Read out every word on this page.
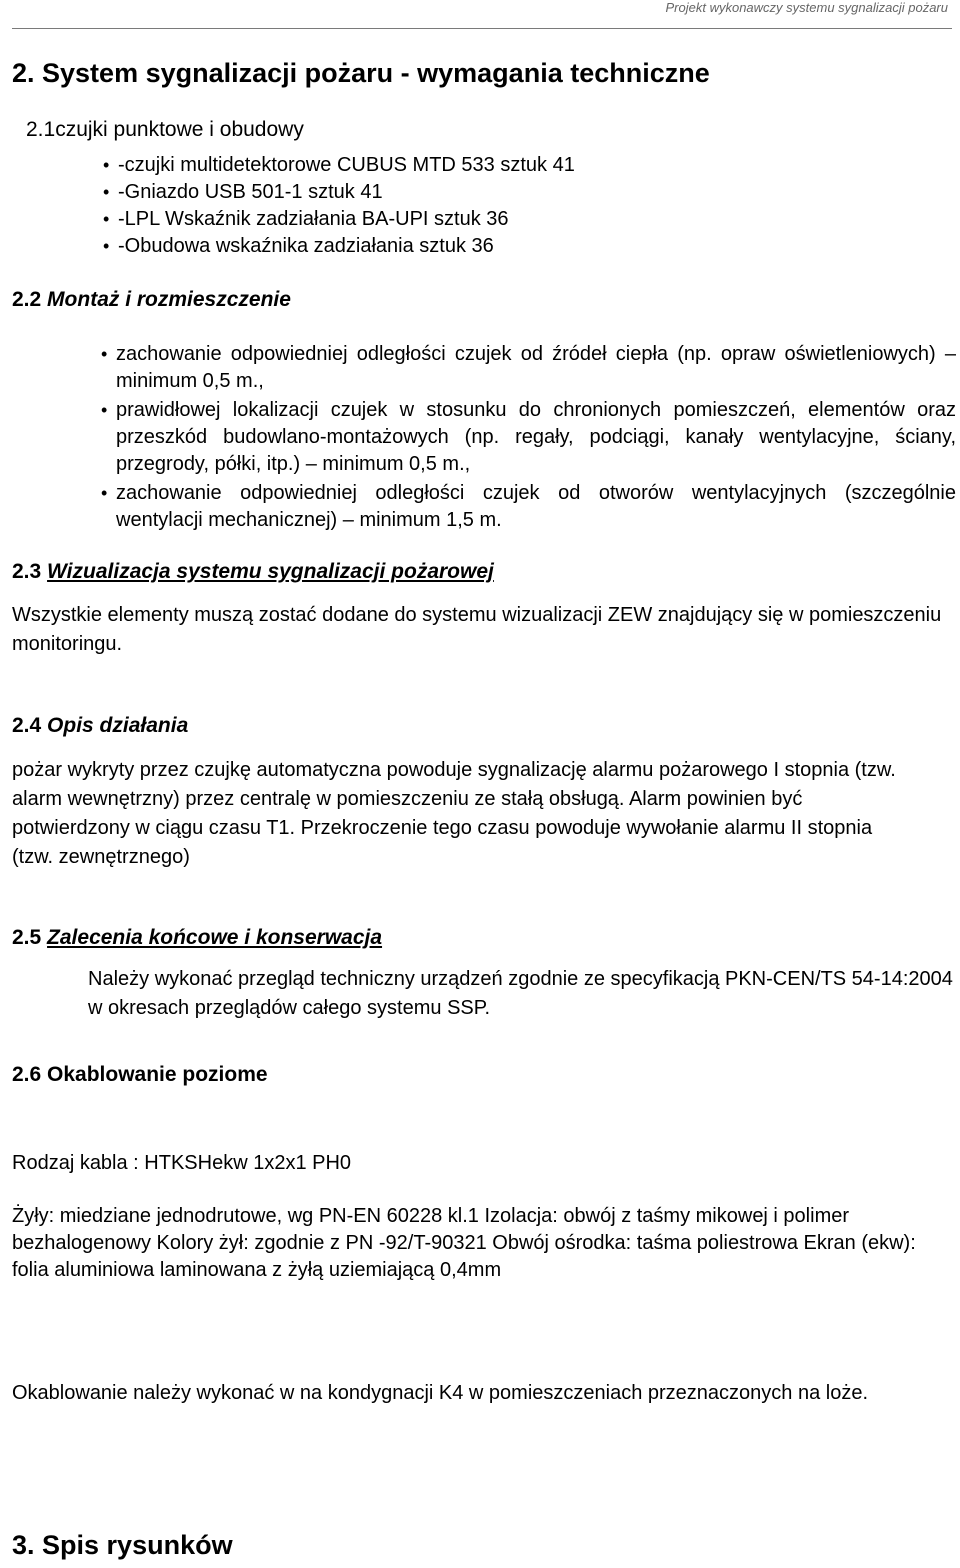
Projekt wykonawczy systemu sygnalizacji pożaru
2. System sygnalizacji pożaru - wymagania techniczne
2.1czujki punktowe i obudowy
• -czujki multidetektorowe CUBUS MTD 533 sztuk 41
• -Gniazdo USB 501-1 sztuk 41
• -LPL Wskaźnik zadziałania BA-UPI sztuk 36
• -Obudowa wskaźnika zadziałania sztuk 36
2.2 Montaż i rozmieszczenie
• zachowanie odpowiedniej odległości czujek od źródeł ciepła (np. opraw oświetleniowych) – minimum 0,5 m.,
• prawidłowej lokalizacji czujek w stosunku do chronionych pomieszczeń, elementów oraz przeszkód budowlano-montażowych (np. regały, podciągi, kanały wentylacyjne, ściany, przegrody, półki, itp.) – minimum 0,5 m.,
• zachowanie odpowiedniej odległości czujek od otworów wentylacyjnych (szczególnie wentylacji mechanicznej) – minimum 1,5 m.
2.3 Wizualizacja systemu sygnalizacji pożarowej
Wszystkie elementy muszą zostać dodane do systemu wizualizacji ZEW znajdujący się w pomieszczeniu monitoringu.
2.4 Opis działania
pożar wykryty przez czujkę automatyczna powoduje sygnalizację alarmu pożarowego I stopnia (tzw. alarm wewnętrzny) przez centralę w pomieszczeniu ze stałą obsługą. Alarm powinien być potwierdzony w ciągu czasu T1. Przekroczenie tego czasu powoduje wywołanie alarmu II stopnia (tzw. zewnętrznego)
2.5 Zalecenia końcowe i konserwacja
Należy wykonać przegląd techniczny urządzeń zgodnie ze specyfikacją PKN-CEN/TS 54-14:2004 w okresach przeglądów całego systemu SSP.
2.6 Okablowanie poziome
Rodzaj kabla : HTKSHekw 1x2x1 PH0
Żyły: miedziane jednodrutowe, wg PN-EN 60228 kl.1 Izolacja: obwój z taśmy mikowej i polimer bezhalogenowy Kolory żył: zgodnie z PN -92/T-90321 Obwój ośrodka: taśma poliestrowa Ekran (ekw): folia aluminiowa laminowana z żyłą uziemiającą 0,4mm
Okablowanie należy wykonać w na kondygnacji K4 w pomieszczeniach przeznaczonych na loże.
3. Spis rysunków
